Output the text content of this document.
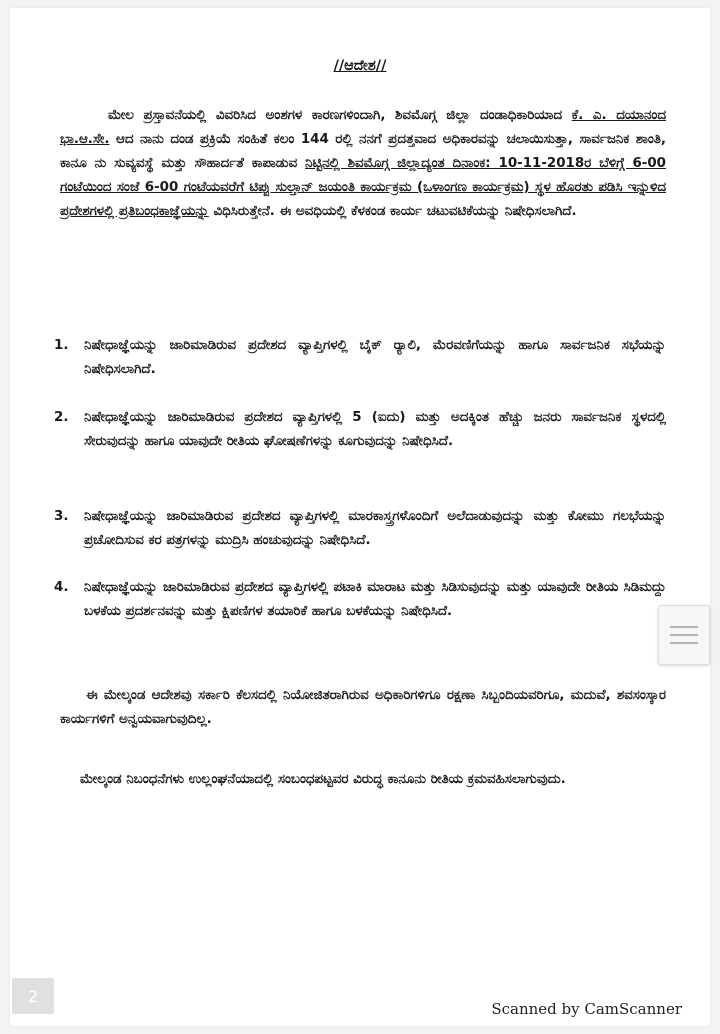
//ಆದೇಶ//
ಮೇಲ ಪ್ರಸ್ತಾವನೆಯಲ್ಲಿ ವಿವರಿಸಿದ ಅಂಶಗಳ ಕಾರಣಗಳಿಂದಾಗಿ, ಶಿವಮೊಗ್ಗ ಜಿಲ್ಲಾ ದಂಡಾಧಿಕಾರಿಯಾದ ಕೆ. ಎ. ದಯಾನಂದ ಭಾ.ಆ.ಸೇ. ಆದ ನಾನು ದಂಡ ಪ್ರಕ್ರಿಯೆ ಸಂಹಿತೆ ಕಲಂ 144 ರಲ್ಲಿ ನನಗೆ ಪ್ರದತ್ತವಾದ ಅಧಿಕಾರವನ್ನು ಚಲಾಯಿಸುತ್ತಾ, ಸಾರ್ವಜನಿಕ ಶಾಂತಿ, ಕಾನೂ ನು ಸುವ್ಯವಸ್ಥೆ ಮತ್ತು ಸೌಹಾರ್ದತೆ ಕಾಪಾಡುವ ನಿಟ್ಟಿನಲ್ಲಿ ಶಿವಮೊಗ್ಗ ಜಿಲ್ಲಾದ್ಯಂತ ದಿನಾಂಕ: 10-11-2018ರ ಬೆಳಿಗ್ಗೆ 6-00 ಗಂಟೆಯಿಂದ ಸಂಜೆ 6-00 ಗಂಟೆಯವರೆಗೆ ಟಿಪ್ಪು ಸುಲ್ತಾನ್ ಜಯಂತಿ ಕಾರ್ಯಕ್ರಮ (ಒಳಾಂಗಣ ಕಾರ್ಯಕ್ರಮ) ಸ್ಥಳ ಹೊರತು ಪಡಿಸಿ ಇನ್ನುಳಿದ ಪ್ರದೇಶಗಳಲ್ಲಿ ಪ್ರತಿಬಂಧಕಾಜ್ಞೆಯನ್ನು ವಿಧಿಸಿರುತ್ತೇನೆ. ಈ ಅವಧಿಯಲ್ಲಿ ಕೆಳಕಂಡ ಕಾರ್ಯ ಚಟುವಟಿಕೆಯನ್ನು ನಿಷೇಧಿಸಲಾಗಿದೆ.
1.	ನಿಷೇಧಾಜ್ಞೆಯನ್ನು ಜಾರಿಮಾಡಿರುವ ಪ್ರದೇಶದ ವ್ಯಾಪ್ತಿಗಳಲ್ಲಿ ಬೈಕ್ ರ್‍ಯಾಲಿ, ಮೆರವಣಿಗೆಯನ್ನು ಹಾಗೂ ಸಾರ್ವಜನಿಕ ಸಭೆಯನ್ನು ನಿಷೇಧಿಸಲಾಗಿದೆ.
2.	ನಿಷೇಧಾಜ್ಞೆಯನ್ನು ಜಾರಿಮಾಡಿರುವ ಪ್ರದೇಶದ ವ್ಯಾಪ್ತಿಗಳಲ್ಲಿ 5 (ಐದು) ಮತ್ತು ಅದಕ್ಕಿಂತ ಹೆಚ್ಚು ಜನರು ಸಾರ್ವಜನಿಕ ಸ್ಥಳದಲ್ಲಿ ಸೇರುವುದನ್ನು ಹಾಗೂ ಯಾವುದೇ ರೀತಿಯ ಘೋಷಣೆಗಳನ್ನು ಕೂಗುವುದನ್ನು ನಿಷೇಧಿಸಿದೆ.
3.	ನಿಷೇಧಾಜ್ಞೆಯನ್ನು ಜಾರಿಮಾಡಿರುವ ಪ್ರದೇಶದ ವ್ಯಾಪ್ತಿಗಳಲ್ಲಿ ಮಾರಕಾಸ್ತ್ರಗಳೊಂದಿಗೆ ಅಲೆದಾಡುವುದನ್ನು ಮತ್ತು ಕೋಮು ಗಲಭೆಯನ್ನು ಪ್ರಚೋದಿಸುವ ಕರ ಪತ್ರಗಳನ್ನು ಮುದ್ರಿಸಿ ಹಂಚುವುದನ್ನು ನಿಷೇಧಿಸಿದೆ.
4.	ನಿಷೇಧಾಜ್ಞೆಯನ್ನು ಜಾರಿಮಾಡಿರುವ ಪ್ರದೇಶದ ವ್ಯಾಪ್ತಿಗಳಲ್ಲಿ ಪಟಾಕಿ ಮಾರಾಟ ಮತ್ತು ಸಿಡಿಸುವುದನ್ನು ಮತ್ತು ಯಾವುದೇ ರೀತಿಯ ಸಿಡಿಮದ್ದು ಬಳಕೆಯ ಪ್ರದರ್ಶನವನ್ನು ಮತ್ತು ಕ್ಷಿಪಣಿಗಳ ತಯಾರಿಕೆ ಹಾಗೂ ಬಳಕೆಯನ್ನು ನಿಷೇಧಿಸಿದೆ.
ಈ ಮೇಲ್ಕಂಡ ಆದೇಶವು ಸರ್ಕಾರಿ ಕೆಲಸದಲ್ಲಿ ನಿಯೋಜಿತರಾಗಿರುವ ಅಧಿಕಾರಿಗಳಿಗೂ ರಕ್ಷಣಾ ಸಿಬ್ಬಂದಿಯವರಿಗೂ, ಮದುವೆ, ಶವಸಂಸ್ಕಾರ ಕಾರ್ಯಗಳಿಗೆ ಅನ್ವಯವಾಗುವುದಿಲ್ಲ.
ಮೇಲ್ಕಂಡ ನಿಬಂಧನೆಗಳು ಉಲ್ಲಂಘನೆಯಾದಲ್ಲಿ ಸಂಬಂಧಪಟ್ಟವರ ವಿರುದ್ಧ ಕಾನೂನು ರೀತಿಯ ಕ್ರಮವಹಿಸಲಾಗುವುದು.
2
Scanned by CamScanner
